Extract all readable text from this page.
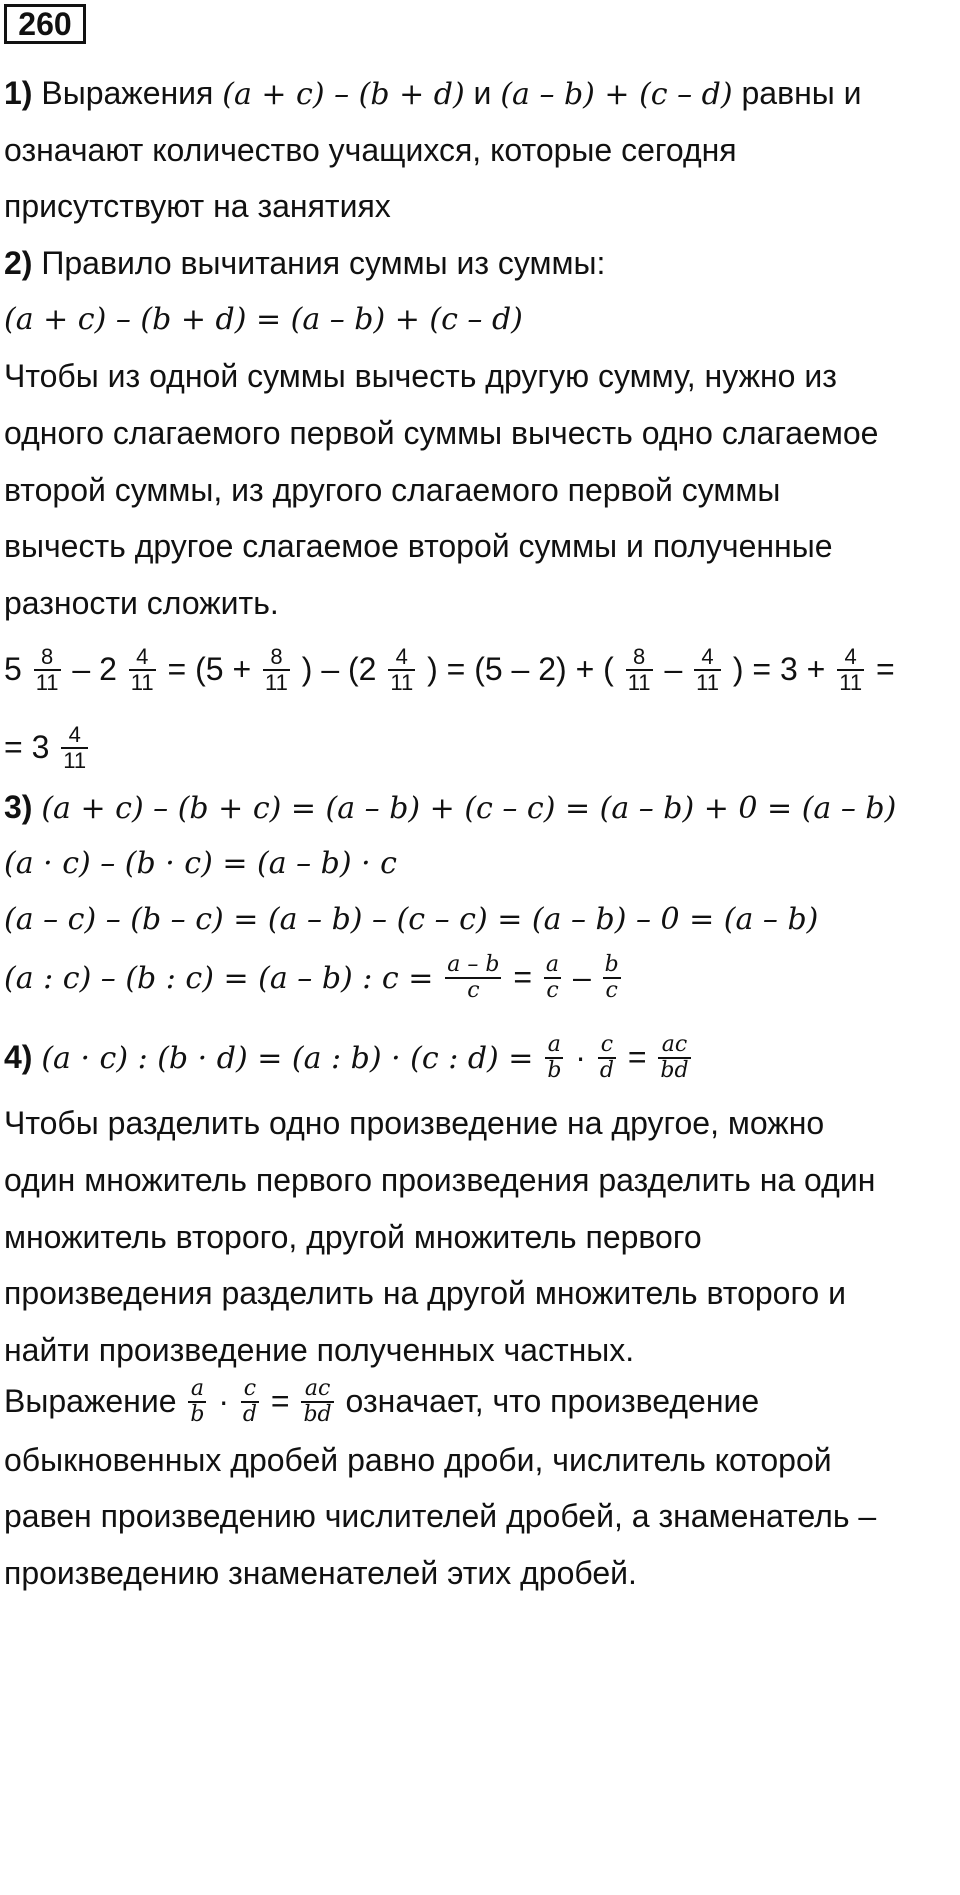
260
1) Выражения (a + c) – (b + d) и (a – b) + (c – d) равны и
означают количество учащихся, которые сегодня
присутствуют на занятиях
2) Правило вычитания суммы из суммы:
(a + c) – (b + d) = (a – b) + (c – d)
Чтобы из одной суммы вычесть другую сумму, нужно из
одного слагаемого первой суммы вычесть одно слагаемое
второй суммы, из другого слагаемого первой суммы
вычесть другое слагаемое второй суммы и полученные
разности сложить.
$5 \frac{8}{11} - 2 \frac{4}{11} = (5 + \frac{8}{11}$ ) – ($2 \frac{4}{11}$ ) = (5 – 2) + ( $\frac{8}{11} - \frac{4}{11}$ ) = $3 + \frac{4}{11}$ =
= $3 \frac{4}{11}$
3) (a + c) – (b + c) = (a – b) + (c – c) = (a – b) + 0 = (a – b)
(a · c) – (b · c) = (a – b) · c
(a – c) – (b – c) = (a – b) – (c – c) = (a – b) – 0 = (a – b)
(a : c) – (b : c) = (a – b) : $c = \frac{a - b}{c} = \frac{a}{c} - \frac{b}{c}$
4) (a · c) : (b · d) = (a : b) · (c : $d) = \frac{a}{b} \cdot \frac{c}{d} = \frac{ac}{bd}$
Чтобы разделить одно произведение на другое, можно
один множитель первого произведения разделить на один
множитель второго, другой множитель первого
произведения разделить на другой множитель второго и
найти произведение полученных частных.
Выражение $\frac{a}{b} \cdot \frac{c}{d} = \frac{ac}{bd}$ означает, что произведение
обыкновенных дробей равно дроби, числитель которой
равен произведению числителей дробей, а знаменатель –
произведению знаменателей этих дробей.
